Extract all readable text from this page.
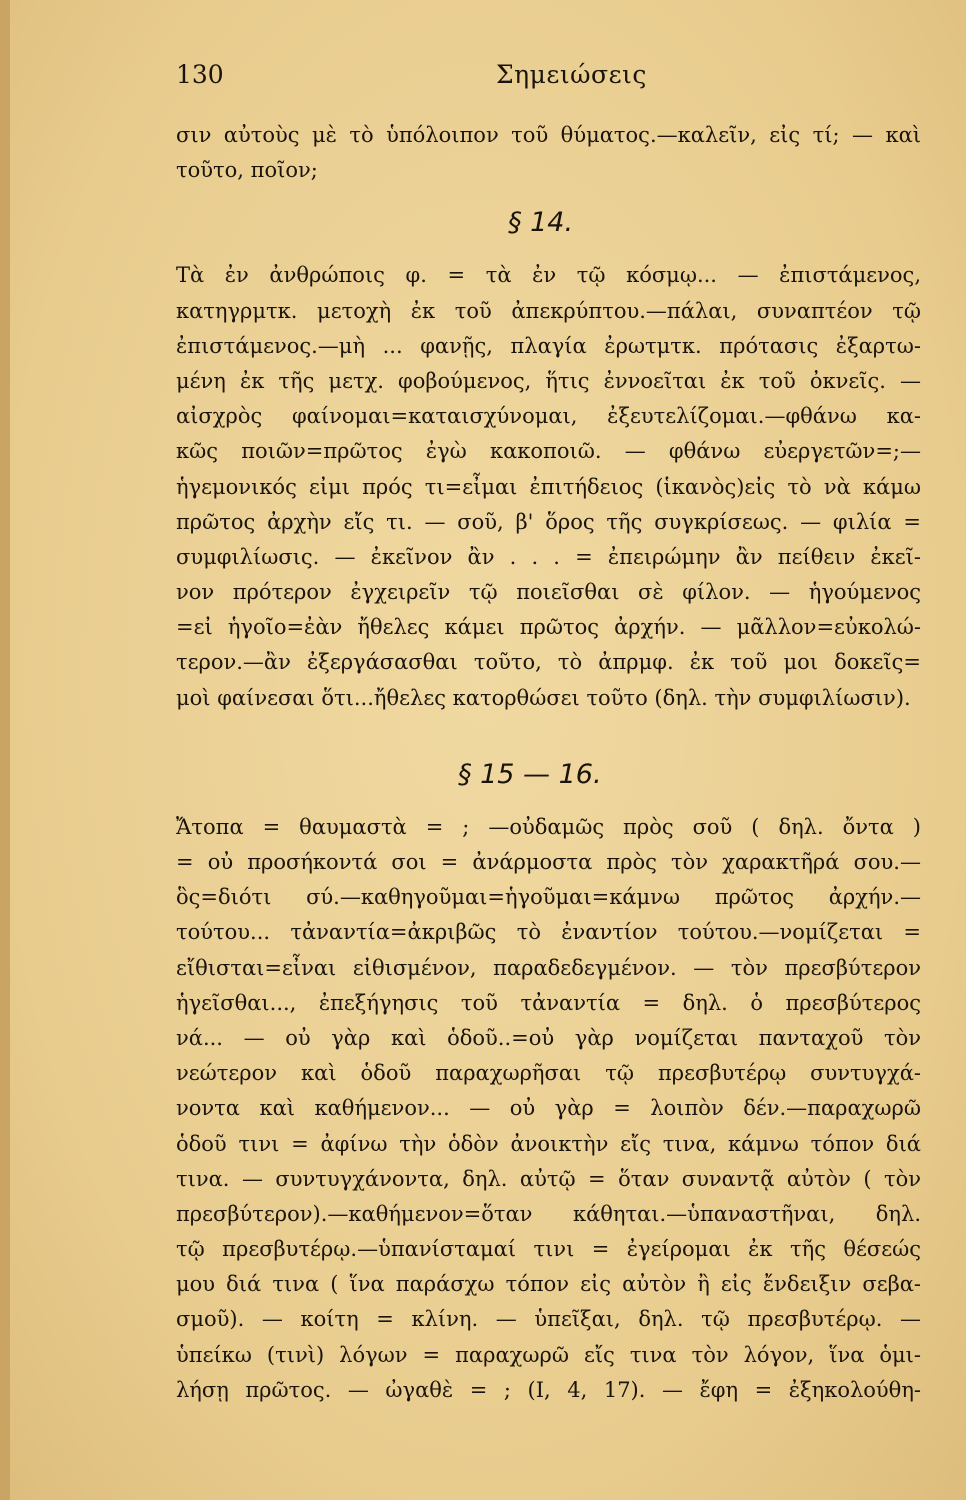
130	Σημειώσεις
σιν αὐτοὺς μὲ τὸ ὑπόλοιπον τοῦ θύματος.—καλεῖν, εἰς τί; — καὶ
τοῦτο, ποῖον;
§ 14.
Τὰ ἐν ἀνθρώποις φ. = τὰ ἐν τῷ κόσμῳ... — ἐπιστάμενος,
κατηγρμτκ. μετοχὴ ἐκ τοῦ ἀπεκρύπτου.—πάλαι, συναπτέον τῷ
ἐπιστάμενος.—μὴ ... φανῇς, πλαγία ἐρωτμτκ. πρότασις ἐξαρτω-
μένη ἐκ τῆς μετχ. φοβούμενος, ἥτις ἐννοεῖται ἐκ τοῦ ὀκνεῖς. —
αἰσχρὸς φαίνομαι=καταισχύνομαι, ἐξευτελίζομαι.—φθάνω κα-
κῶς ποιῶν=πρῶτος ἐγὼ κακοποιῶ. — φθάνω εὐεργετῶν=;—
ἡγεμονικός εἰμι πρός τι=εἶμαι ἐπιτήδειος (ἱκανὸς)εἰς τὸ νὰ κάμω
πρῶτος ἀρχὴν εἴς τι. — σοῦ, β' ὅρος τῆς συγκρίσεως. — φιλία =
συμφιλίωσις. — ἐκεῖνον ἂν . . . = ἐπειρώμην ἂν πείθειν ἐκεῖ-
νον πρότερον ἐγχειρεῖν τῷ ποιεῖσθαι σὲ φίλον. — ἡγούμενος
=εἰ ἡγοῖο=ἐὰν ἤθελες κάμει πρῶτος ἀρχήν. — μᾶλλον=εὐκολώ-
τερον.—ἂν ἐξεργάσασθαι τοῦτο, τὸ ἀπρμφ. ἐκ τοῦ μοι δοκεῖς=
μοὶ φαίνεσαι ὅτι...ἤθελες κατορθώσει τοῦτο (δηλ. τὴν συμφιλίωσιν).
§ 15 — 16.
Ἄτοπα = θαυμαστὰ = ; —οὐδαμῶς πρὸς σοῦ ( δηλ. ὄντα )
= οὐ προσήκοντά σοι = ἀνάρμοστα πρὸς τὸν χαρακτῆρά σου.—
ὃς=διότι σύ.—καθηγοῦμαι=ἡγοῦμαι=κάμνω πρῶτος ἀρχήν.—
τούτου... τἀναντία=ἀκριβῶς τὸ ἐναντίον τούτου.—νομίζεται =
εἴθισται=εἶναι εἰθισμένον, παραδεδεγμένον. — τὸν πρεσβύτερον
ἡγεῖσθαι..., ἐπεξήγησις τοῦ τἀναντία = δηλ. ὁ πρεσβύτερος
νά... — οὐ γὰρ καὶ ὁδοῦ..=οὐ γὰρ νομίζεται πανταχοῦ τὸν
νεώτερον καὶ ὁδοῦ παραχωρῆσαι τῷ πρεσβυτέρῳ συντυγχά-
νοντα καὶ καθήμενον... — οὐ γὰρ = λοιπὸν δέν.—παραχωρῶ
ὁδοῦ τινι = ἀφίνω τὴν ὁδὸν ἀνοικτὴν εἴς τινα, κάμνω τόπον διά
τινα. — συντυγχάνοντα, δηλ. αὐτῷ = ὅταν συναντᾷ αὐτὸν ( τὸν
πρεσβύτερον).—καθήμενον=ὅταν κάθηται.—ὑπαναστῆναι, δηλ.
τῷ πρεσβυτέρῳ.—ὑπανίσταμαί τινι = ἐγείρομαι ἐκ τῆς θέσεώς
μου διά τινα ( ἵνα παράσχω τόπον εἰς αὐτὸν ἢ εἰς ἔνδειξιν σεβα-
σμοῦ). — κοίτη = κλίνη. — ὑπεῖξαι, δηλ. τῷ πρεσβυτέρῳ. —
ὑπείκω (τινὶ) λόγων = παραχωρῶ εἴς τινα τὸν λόγον, ἵνα ὁμι-
λήσῃ πρῶτος. — ὠγαθὲ = ; (I, 4, 17). — ἔφη = ἐξηκολούθη-
